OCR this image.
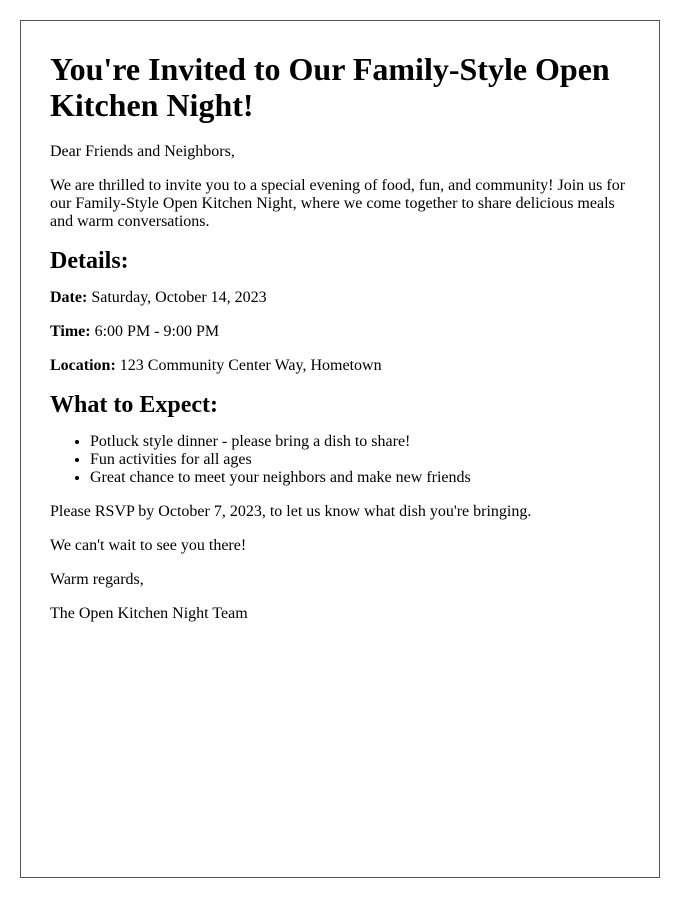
You're Invited to Our Family-Style Open Kitchen Night!

Dear Friends and Neighbors,

We are thrilled to invite you to a special evening of food, fun, and community! Join us for our Family-Style Open Kitchen Night, where we come together to share delicious meals and warm conversations.

Details:

Date: Saturday, October 14, 2023

Time: 6:00 PM - 9:00 PM

Location: 123 Community Center Way, Hometown

What to Expect:
• Potluck style dinner - please bring a dish to share!
• Fun activities for all ages
• Great chance to meet your neighbors and make new friends

Please RSVP by October 7, 2023, to let us know what dish you're bringing.

We can't wait to see you there!

Warm regards,

The Open Kitchen Night Team
